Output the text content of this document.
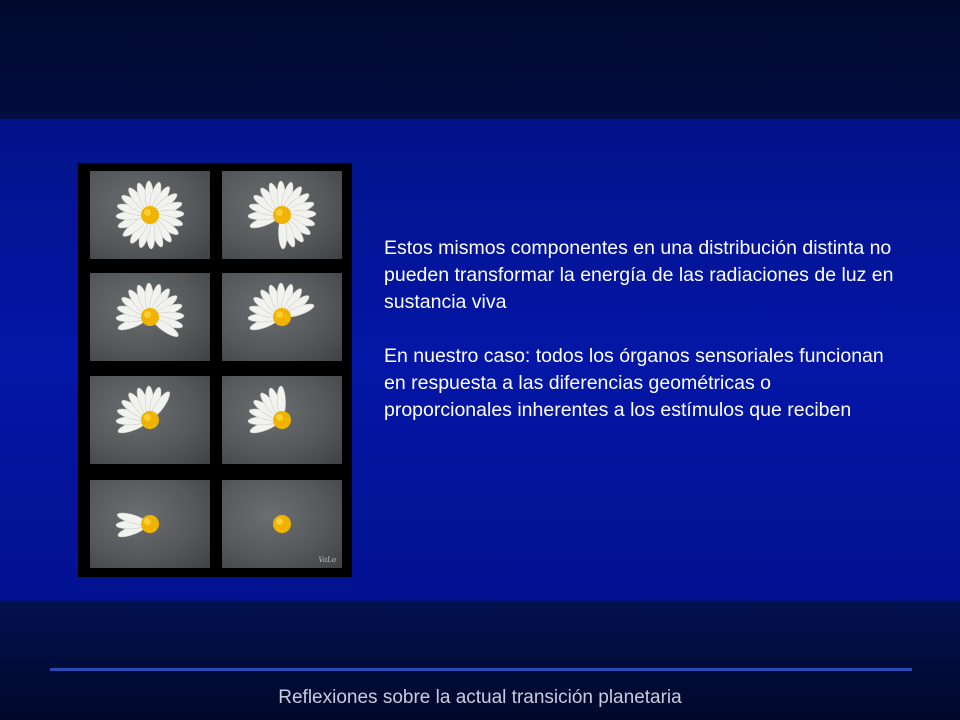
VaLo

Estos mismos componentes en una distribución distinta no pueden transformar la energía de las radiaciones de luz en sustancia viva

En nuestro caso: todos los órganos sensoriales funcionan en respuesta a las diferencias geométricas o proporcionales inherentes a los estímulos que reciben

Reflexiones sobre la actual transición planetaria
